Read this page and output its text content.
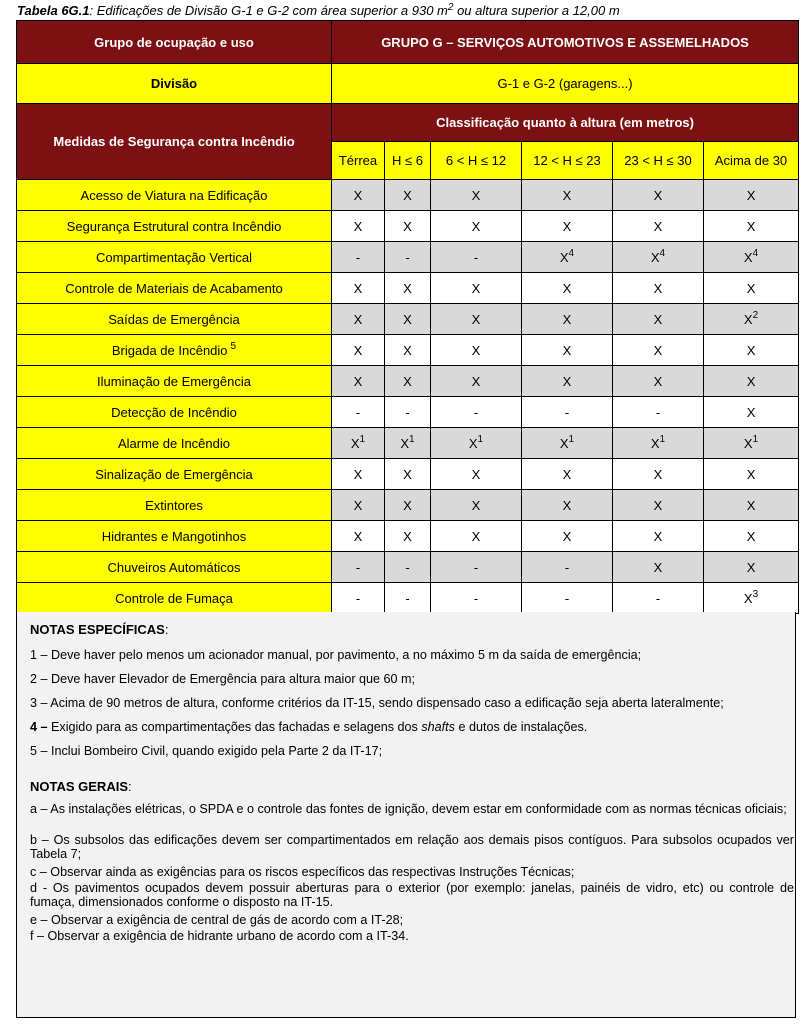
Tabela 6G.1: Edificações de Divisão G-1 e G-2 com área superior a 930 $m^2$ ou altura superior a 12,00 m
Grupo de ocupação e uso	GRUPO G – SERVIÇOS AUTOMOTIVOS E ASSEMELHADOS					
Divisão	G-1 e G-2 (garagens...)					
Medidas de Segurança contra Incêndio	Classificação quanto à altura (em metros)					
	Térrea	H ≤ 6	6 < H ≤ 12	12 < H ≤ 23	23 < H ≤ 30	Acima de 30
Acesso de Viatura na Edificação	X	X	X	X	X	X
Segurança Estrutural contra Incêndio	X	X	X	X	X	X
Compartimentação Vertical	-	-	-	$X^4$	$X^4$	$X^4$
Controle de Materiais de Acabamento	X	X	X	X	X	X
Saídas de Emergência	X	X	X	X	X	$X^2$
Brigada de Incêndio $^5$	X	X	X	X	X	X
Iluminação de Emergência	X	X	X	X	X	X
Detecção de Incêndio	-	-	-	-	-	X
Alarme de Incêndio	$X^1$	$X^1$	$X^1$	$X^1$	$X^1$	$X^1$
Sinalização de Emergência	X	X	X	X	X	X
Extintores	X	X	X	X	X	X
Hidrantes e Mangotinhos	X	X	X	X	X	X
Chuveiros Automáticos	-	-	-	-	X	X
Controle de Fumaça	-	-	-	-	-	$X^3$
NOTAS ESPECÍFICAS:
1 – Deve haver pelo menos um acionador manual, por pavimento, a no máximo 5 m da saída de emergência;
2 – Deve haver Elevador de Emergência para altura maior que 60 m;
3 – Acima de 90 metros de altura, conforme critérios da IT-15, sendo dispensado caso a edificação seja aberta lateralmente;
4 – Exigido para as compartimentações das fachadas e selagens dos shafts e dutos de instalações.
5 – Inclui Bombeiro Civil, quando exigido pela Parte 2 da IT-17;
NOTAS GERAIS:
a – As instalações elétricas, o SPDA e o controle das fontes de ignição, devem estar em conformidade com as normas técnicas oficiais;
b – Os subsolos das edificações devem ser compartimentados em relação aos demais pisos contíguos. Para subsolos ocupados ver Tabela 7;
c – Observar ainda as exigências para os riscos específicos das respectivas Instruções Técnicas;
d - Os pavimentos ocupados devem possuir aberturas para o exterior (por exemplo: janelas, painéis de vidro, etc) ou controle de fumaça, dimensionados conforme o disposto na IT-15.
e – Observar a exigência de central de gás de acordo com a IT-28;
f – Observar a exigência de hidrante urbano de acordo com a IT-34.
